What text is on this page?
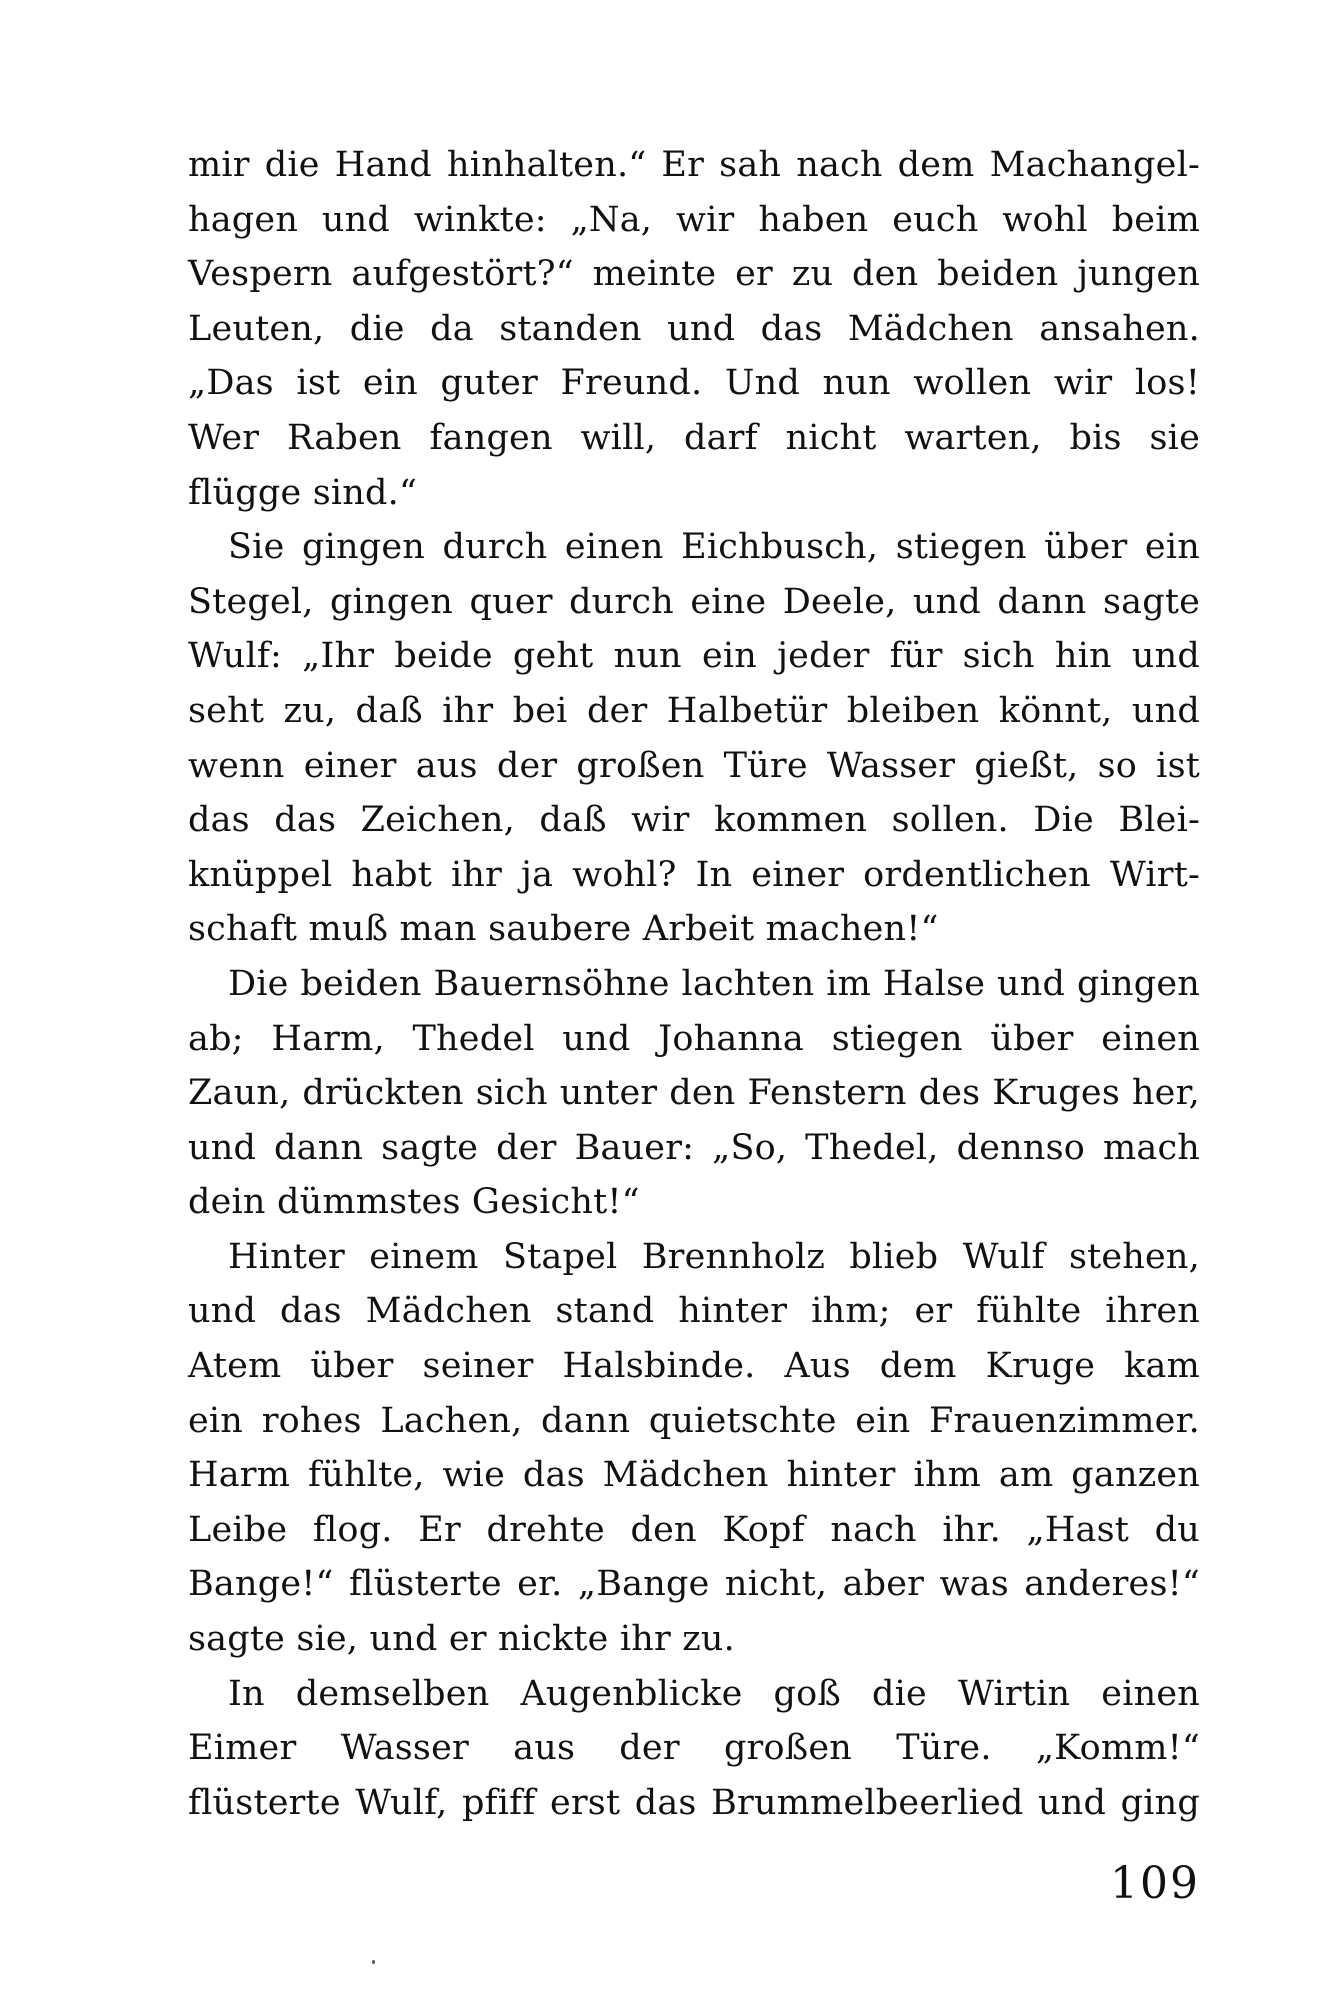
mir die Hand hinhalten.“ Er sah nach dem Machangel-
hagen und winkte: „Na, wir haben euch wohl beim
Vespern aufgestört?“ meinte er zu den beiden jungen
Leuten, die da standen und das Mädchen ansahen.
„Das ist ein guter Freund. Und nun wollen wir los!
Wer Raben fangen will, darf nicht warten, bis sie
flügge sind.“
Sie gingen durch einen Eichbusch, stiegen über ein
Stegel, gingen quer durch eine Deele, und dann sagte
Wulf: „Ihr beide geht nun ein jeder für sich hin und
seht zu, daß ihr bei der Halbetür bleiben könnt, und
wenn einer aus der großen Türe Wasser gießt, so ist
das das Zeichen, daß wir kommen sollen. Die Blei-
knüppel habt ihr ja wohl? In einer ordentlichen Wirt-
schaft muß man saubere Arbeit machen!“
Die beiden Bauernsöhne lachten im Halse und gingen
ab; Harm, Thedel und Johanna stiegen über einen
Zaun, drückten sich unter den Fenstern des Kruges her,
und dann sagte der Bauer: „So, Thedel, dennso mach
dein dümmstes Gesicht!“
Hinter einem Stapel Brennholz blieb Wulf stehen,
und das Mädchen stand hinter ihm; er fühlte ihren
Atem über seiner Halsbinde. Aus dem Kruge kam
ein rohes Lachen, dann quietschte ein Frauenzimmer.
Harm fühlte, wie das Mädchen hinter ihm am ganzen
Leibe flog. Er drehte den Kopf nach ihr. „Hast du
Bange!“ flüsterte er. „Bange nicht, aber was anderes!“
sagte sie, und er nickte ihr zu.
In demselben Augenblicke goß die Wirtin einen
Eimer Wasser aus der großen Türe. „Komm!“
flüsterte Wulf, pfiff erst das Brummelbeerlied und ging
109
